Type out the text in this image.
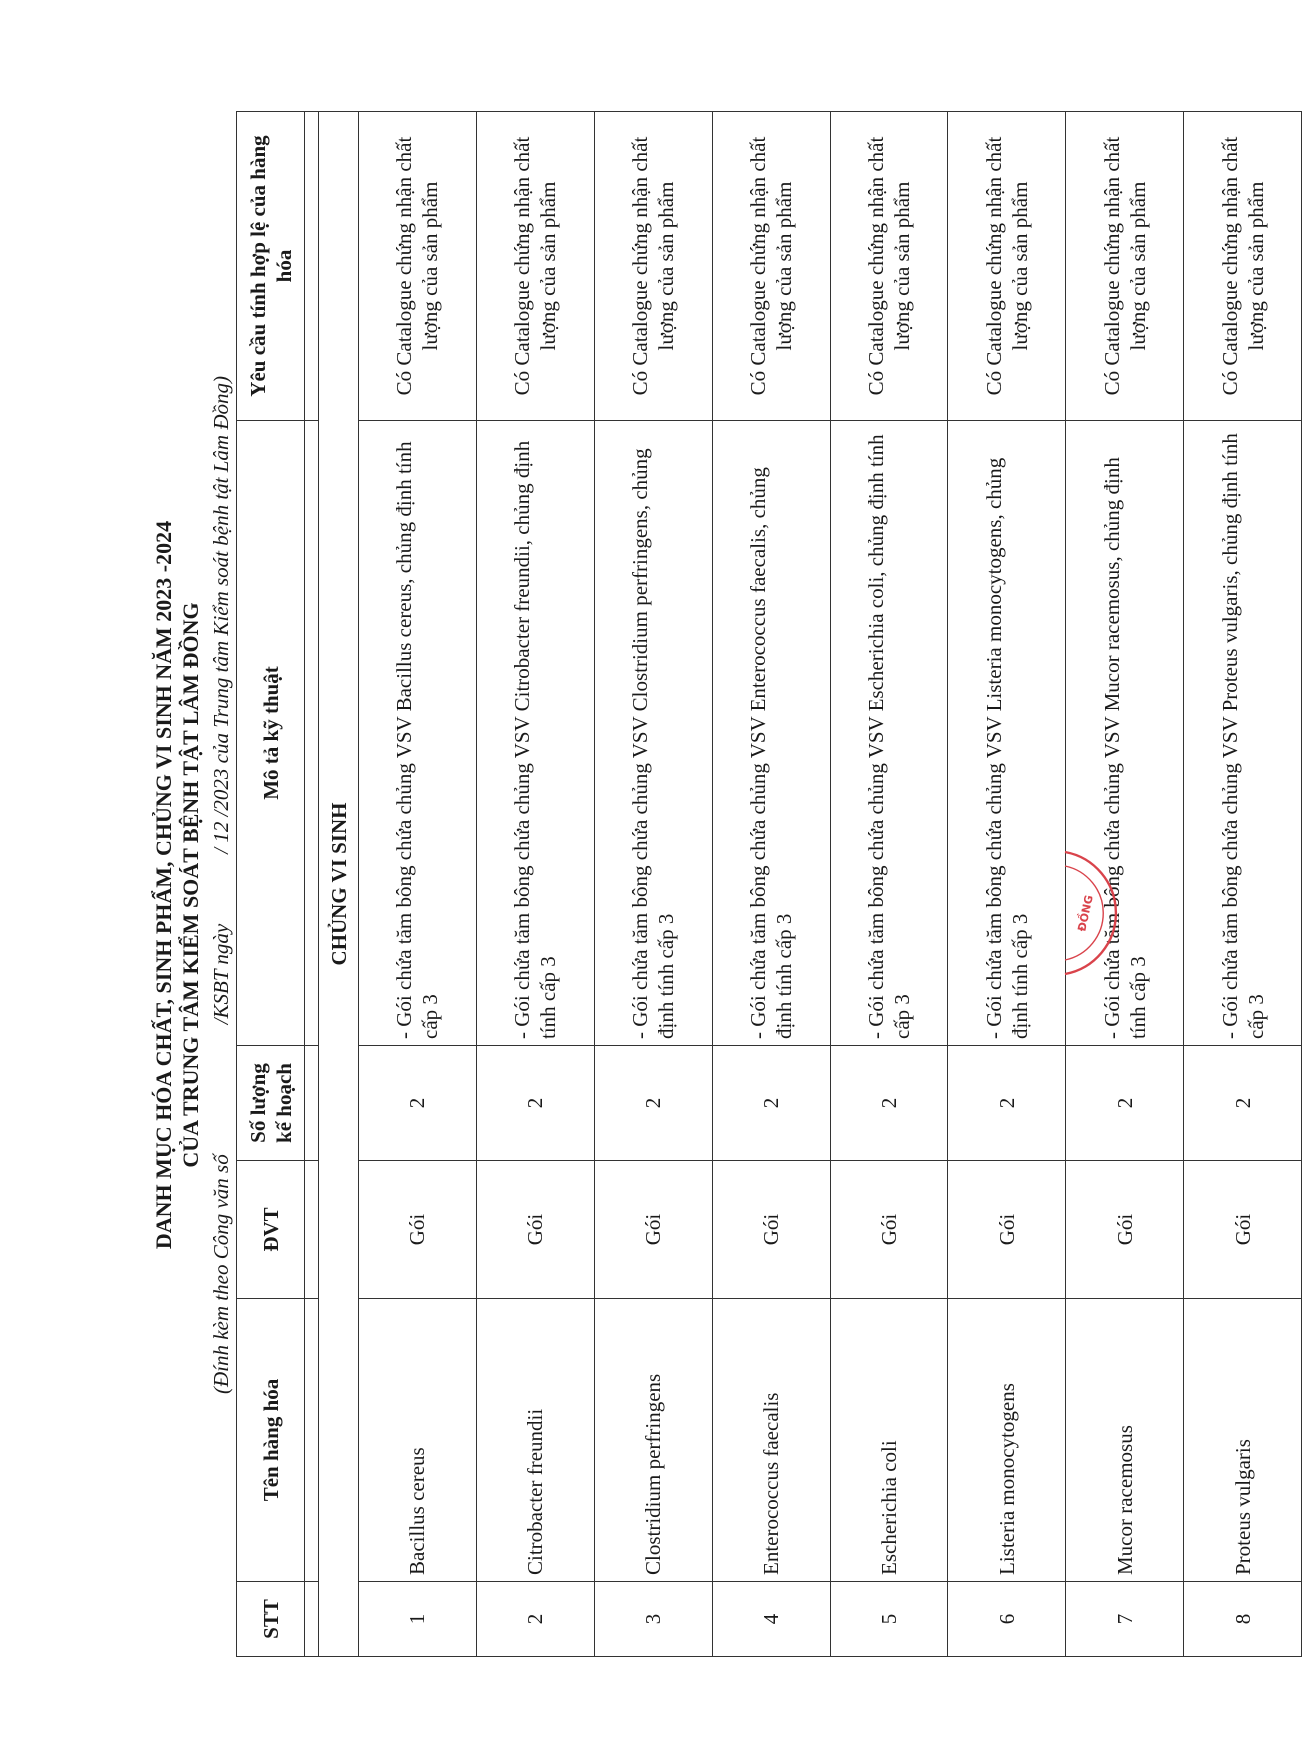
DANH MỤC HÓA CHẤT, SINH PHẨM, CHỦNG VI SINH NĂM 2023 -2024 CỦA TRUNG TÂM KIỂM SOÁT BỆNH TẬT LÂM ĐỒNG
(Đính kèm theo Công văn số/KSBT ngày/ 12 /2023 của Trung tâm Kiểm soát bệnh tật Lâm Đồng)
STT	Tên hàng hóa	ĐVT	Số lượng kế hoạch	Mô tả kỹ thuật	Yêu cầu tính hợp lệ của hàng hóa

CHỦNG VI SINH					
1	Bacillus cereus	Gói	2	- Gói chứa tăm bông chứa chủng VSV Bacillus cereus, chủng định tính cấp 3	Có Catalogue chứng nhận chất lượng của sản phẩm
2	Citrobacter freundii	Gói	2	- Gói chứa tăm bông chứa chủng VSV Citrobacter freundii, chủng định tính cấp 3	Có Catalogue chứng nhận chất lượng của sản phẩm
3	Clostridium perfringens	Gói	2	- Gói chứa tăm bông chứa chủng VSV Clostridium perfringens, chủng định tính cấp 3	Có Catalogue chứng nhận chất lượng của sản phẩm
4	Enterococcus faecalis	Gói	2	- Gói chứa tăm bông chứa chủng VSV Enterococcus faecalis, chủng định tính cấp 3	Có Catalogue chứng nhận chất lượng của sản phẩm
5	Escherichia coli	Gói	2	- Gói chứa tăm bông chứa chủng VSV Escherichia coli, chủng định tính cấp 3	Có Catalogue chứng nhận chất lượng của sản phẩm
6	Listeria monocytogens	Gói	2	- Gói chứa tăm bông chứa chủng VSV Listeria monocytogens, chủng định tính cấp 3	Có Catalogue chứng nhận chất lượng của sản phẩm
7	Mucor racemosus	Gói	2	- Gói chứa tăm bông chứa chủng VSV Mucor racemosus, chủng định tính cấp 3	Có Catalogue chứng nhận chất lượng của sản phẩm
8	Proteus vulgaris	Gói	2	- Gói chứa tăm bông chứa chủng VSV Proteus vulgaris, chủng định tính cấp 3	Có Catalogue chứng nhận chất lượng của sản phẩm
ĐỒNG
